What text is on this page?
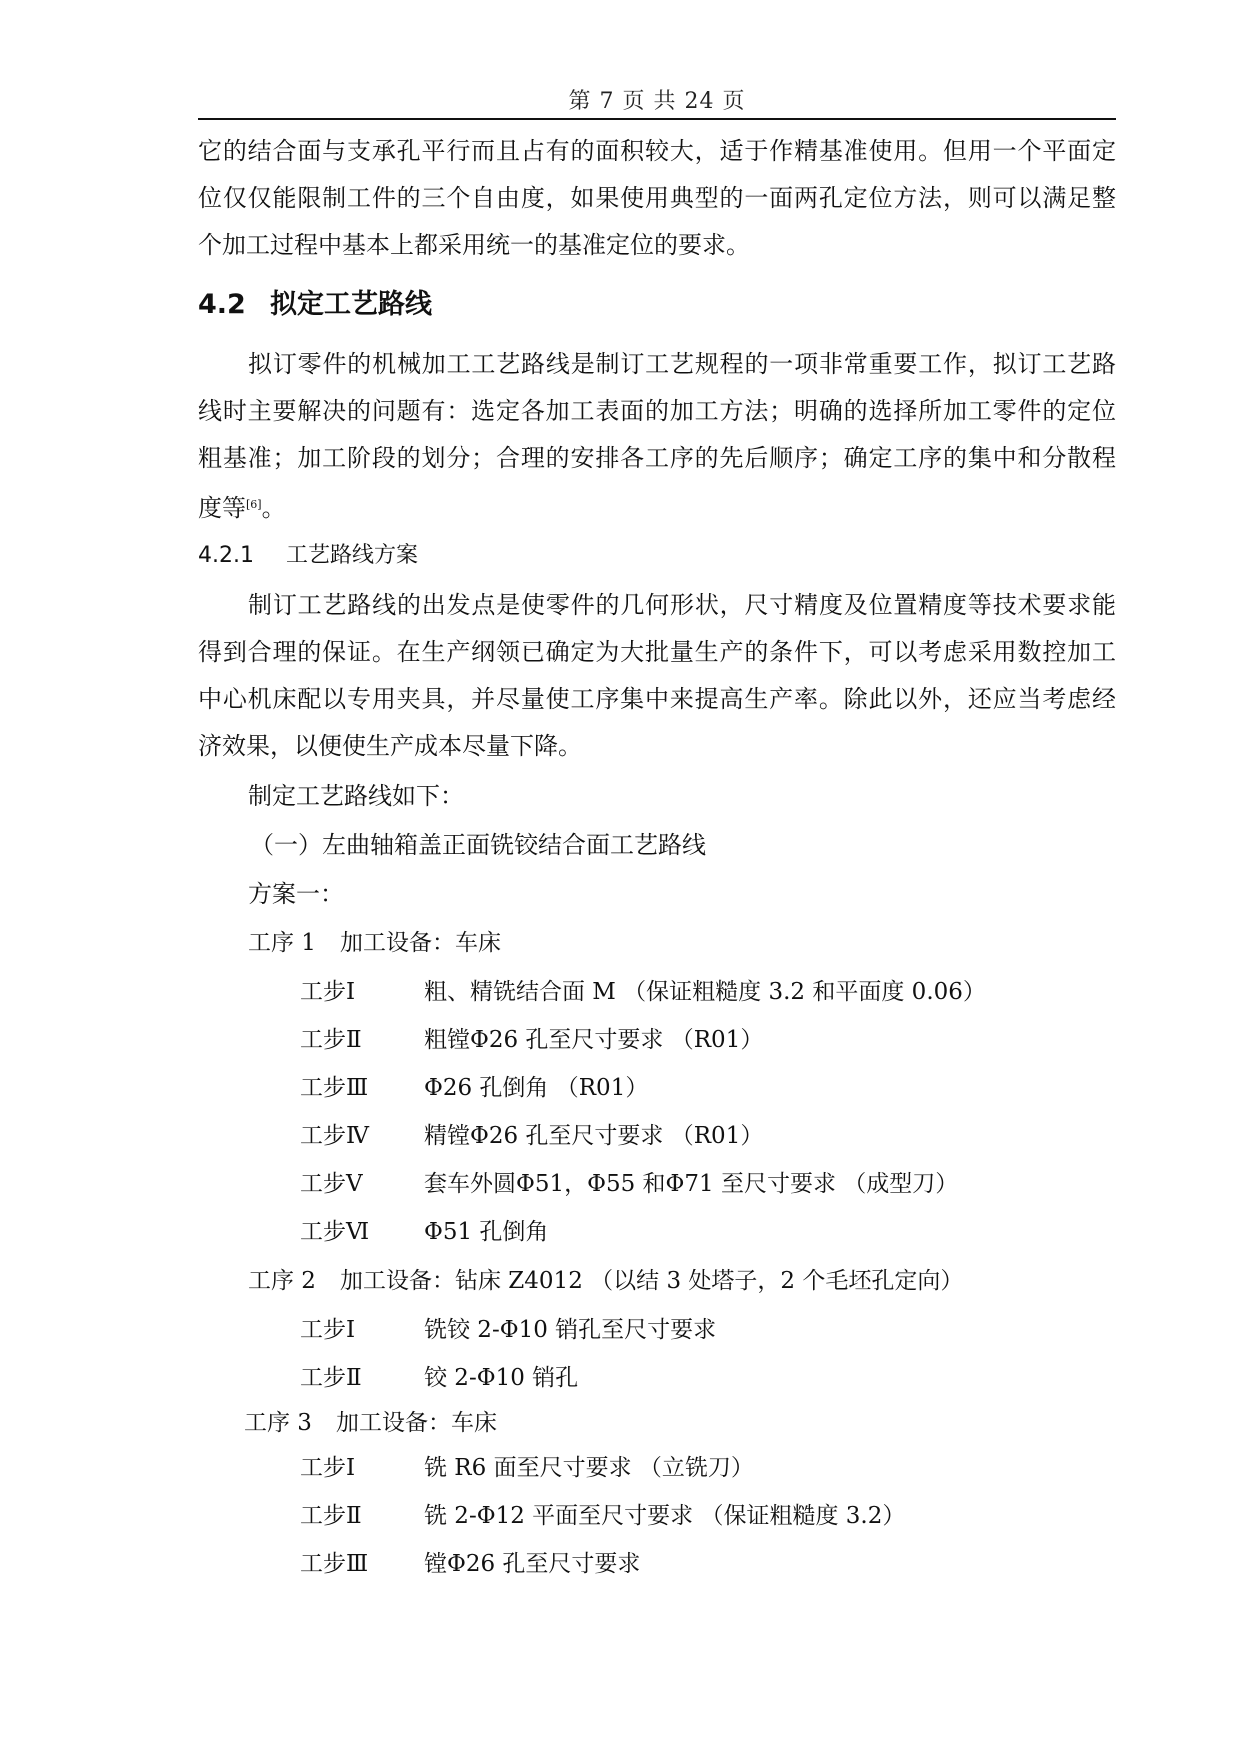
第 7 页 共 24 页
它的结合面与支承孔平行而且占有的面积较大，适于作精基准使用。但用一个平面定
位仅仅能限制工件的三个自由度，如果使用典型的一面两孔定位方法，则可以满足整
个加工过程中基本上都采用统一的基准定位的要求。
4.2 拟定工艺路线
拟订零件的机械加工工艺路线是制订工艺规程的一项非常重要工作，拟订工艺路
线时主要解决的问题有：选定各加工表面的加工方法；明确的选择所加工零件的定位
粗基准；加工阶段的划分；合理的安排各工序的先后顺序；确定工序的集中和分散程
度等[6]。
4.2.1 工艺路线方案
制订工艺路线的出发点是使零件的几何形状，尺寸精度及位置精度等技术要求能
得到合理的保证。在生产纲领已确定为大批量生产的条件下，可以考虑采用数控加工
中心机床配以专用夹具，并尽量使工序集中来提高生产率。除此以外，还应当考虑经
济效果，以便使生产成本尽量下降。
制定工艺路线如下：
（一）左曲轴箱盖正面铣铰结合面工艺路线
方案一：
工序 1 加工设备：车床
工步Ⅰ	粗、精铣结合面 M （保证粗糙度 3.2 和平面度 0.06）
工步Ⅱ	粗镗Φ26 孔至尺寸要求 （R01）
工步Ⅲ Φ26 孔倒角 （R01）
工步Ⅳ 精镗Φ26 孔至尺寸要求 （R01）
工步Ⅴ	套车外圆Φ51，Φ55 和Φ71 至尺寸要求 （成型刀）
工步Ⅵ Φ51 孔倒角
工序 2 加工设备：钻床 Z4012 （以结 3 处塔子，2 个毛坯孔定向）
工步Ⅰ	铣铰 2-Φ10 销孔至尺寸要求
工步Ⅱ	铰 2-Φ10 销孔
工序 3 加工设备：车床
工步Ⅰ	铣 R6 面至尺寸要求 （立铣刀）
工步Ⅱ	铣 2-Φ12 平面至尺寸要求 （保证粗糙度 3.2）
工步Ⅲ 镗Φ26 孔至尺寸要求
